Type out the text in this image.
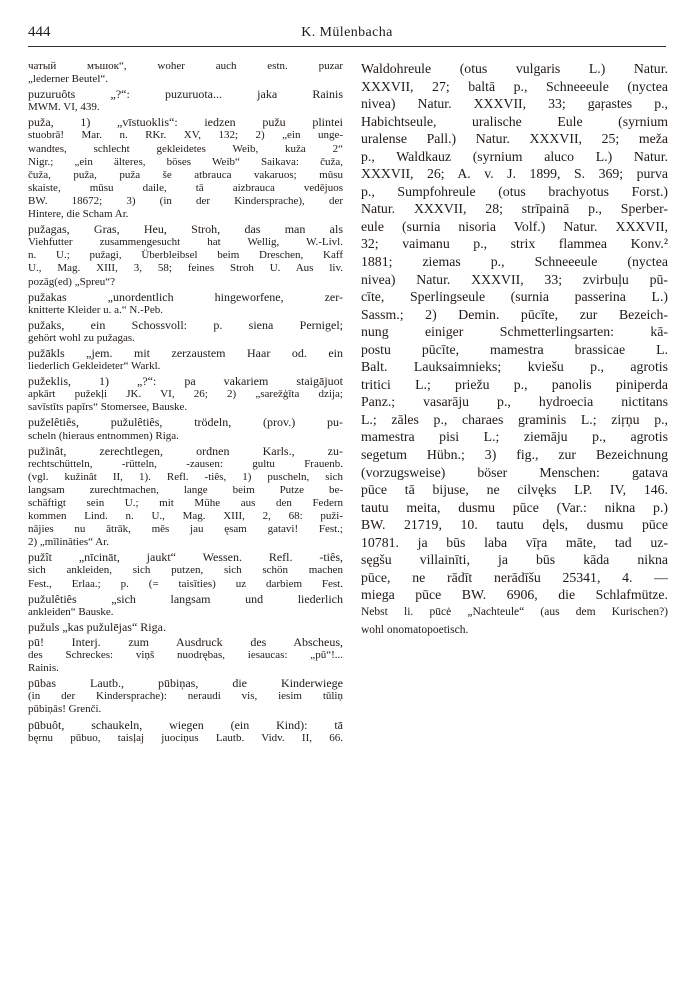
444	K. Mülenbacha
чатый мъшок“, woher auch estn. puzar
„lederner Beutel“.
puzuruôts „?“: puzuruota... jaka Rainis
MWM. VI, 439.
puža, 1) „vīstuoklis“: iedzen pužu plintei
stuobrā! Mar. n. RKr. XV, 132; 2) „ein unge-
wandtes, schlecht gekleidetes Weib, kuža 2“
Nigr.; „ein älteres, böses Weib“ Saikava: čuža,
čuža, puža, puža še atbrauca vakaruos; mūsu
skaiste, mūsu daile, tā aizbrauca vedējuos
BW. 18672; 3) (in der Kindersprache), der
Hintere, die Scham Ar.
pužagas, Gras, Heu, Stroh, das man als
Viehfutter zusammengesucht hat Wellig, W.-Livl.
n. U.; pužagi, Überbleibsel beim Dreschen, Kaff
U., Mag. XIII, 3, 58; feines Stroh U. Aus liv.
pozāg(ed) „Spreu“?
pužakas „unordentlich hingeworfene, zer-
knitterte Kleider u. a.“ N.-Peb.
pužaks, ein Schossvoll: p. siena Pernigel;
gehört wohl zu pužagas.
pužākls „jem. mit zerzaustem Haar od. ein
liederlich Gekleideter“ Warkl.
pužeklis, 1) „?“: pa vakariem staigājuot
apkārt pužekļi JK. VI, 26; 2) „sarežģīta dzija;
savīstīts papīrs“ Stomersee, Bauske.
puželêtiês, pužulêtiês, trödeln, (prov.) pu-
scheln (hieraus entnommen) Riga.
pužinât, zerechtlegen, ordnen Karls., zu-
rechtschütteln, -rütteln, -zausen: gultu Frauenb.
(vgl. kužinât II, 1). Refl. -tiês, 1) puscheln, sich
langsam zurechtmachen, lange beim Putze be-
schäftigt sein U.; mit Mühe aus den Federn
kommen Lind. n. U., Mag. XIII, 2, 68: puži-
nājies nu ātrāk, mēs jau ęsam gatavi! Fest.;
2) „mīlināties“ Ar.
pužît „nīcināt, jaukt“ Wessen. Refl. -tiês,
sich ankleiden, sich putzen, sich schön machen
Fest., Erlaa.; p. (= taisīties) uz darbiem Fest.
pužulêtiês „sich langsam und liederlich
ankleiden“ Bauske.
pužuls „kas pužulējas“ Riga.
pū! Interj. zum Ausdruck des Abscheus,
des Schreckes: viņš nuodrębas, iesaucas: „pū“!...
Rainis.
pūbas Lautb., pūbiņas, die Kinderwiege
(in der Kindersprache): neraudi vis, iesim tūliņ
pūbiņās! Grenči.
pūbuôt, schaukeln, wiegen (ein Kind): tā
bęrnu pūbuo, taisļaj juociņus Lautb. Vidv. II, 66.
Waldohreule (otus vulgaris L.) Natur.
XXXVII, 27; baltā p., Schneeeule (nyctea
nivea) Natur. XXXVII, 33; gaŗastes p.,
Habichtseule, uralische Eule (syrnium
uralense Pall.) Natur. XXXVII, 25; meža
p., Waldkauz (syrnium aluco L.) Natur.
XXXVII, 26; A. v. J. 1899, S. 369; purva
p., Sumpfohreule (otus brachyotus Forst.)
Natur. XXXVII, 28; strīpainā p., Sperber-
eule (surnia nisoria Volf.) Natur. XXXVII,
32; vaimanu p., strix flammea Konv.²
1881; ziemas p., Schneeeule (nyctea
nivea) Natur. XXXVII, 33; zvirbuļu pū-
cīte, Sperlingseule (surnia passerina L.)
Sassm.; 2) Demin. pūcīte, zur Bezeich-
nung einiger Schmetterlingsarten: kā-
postu pūcīte, mamestra brassicae L.
Balt. Lauksaimnieks; kviešu p., agrotis
tritici L.; priežu p., panolis piniperda
Panz.; vasarāju p., hydroecia nictitans
L.; zāles p., charaes graminis L.; ziŗņu p.,
mamestra pisi L.; ziemāju p., agrotis
segetum Hübn.; 3) fig., zur Bezeichnung
(vorzugsweise) böser Menschen: gatava
pūce tā bijuse, ne cilvęks LP. IV, 146.
tautu meita, dusmu pūce (Var.: nikna p.)
BW. 21719, 10. tautu dęls, dusmu pūce
10781. ja būs laba vīŗa māte, tad uz-
sęgšu villainīti, ja būs kāda nikna
pūce, ne rādīt nerādīšu 25341, 4. —
miega pūce BW. 6906, die Schlafmütze.
Nebst li. pūcė „Nachteule“ (aus dem Kurischen?)
wohl onomatopoetisch.
